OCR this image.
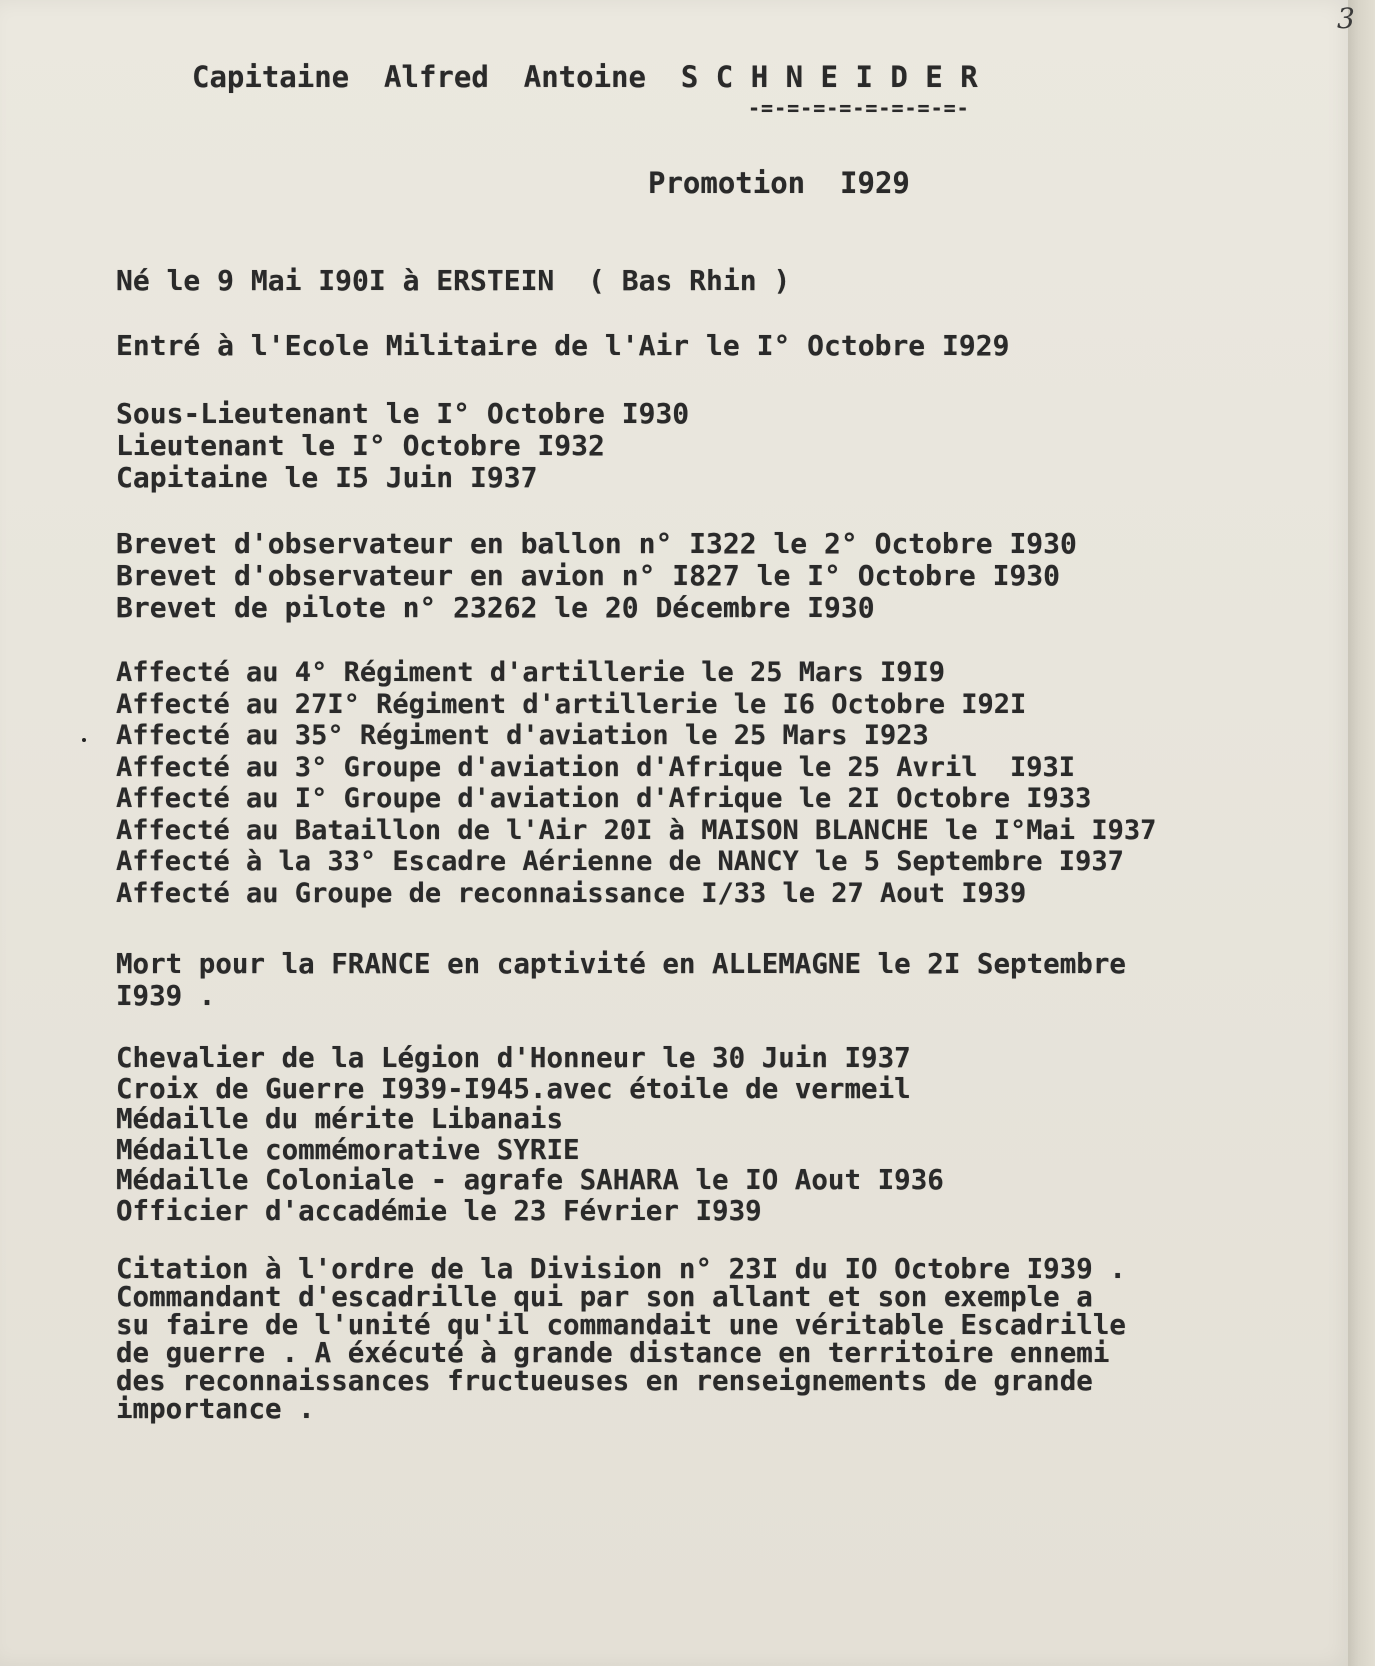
Capitaine  Alfred  Antoine  S C H N E I D E R
-=-=-=-=-=-=-=-=-
Promotion  I929
Né le 9 Mai I90I à ERSTEIN  ( Bas Rhin )
Entré à l'Ecole Militaire de l'Air le I° Octobre I929
Sous-Lieutenant le I° Octobre I930
Lieutenant le I° Octobre I932
Capitaine le I5 Juin I937
Brevet d'observateur en ballon n° I322 le 2° Octobre I930
Brevet d'observateur en avion n° I827 le I° Octobre I930
Brevet de pilote n° 23262 le 20 Décembre I930
Affecté au 4° Régiment d'artillerie le 25 Mars I9I9
Affecté au 27I° Régiment d'artillerie le I6 Octobre I92I
Affecté au 35° Régiment d'aviation le 25 Mars I923
Affecté au 3° Groupe d'aviation d'Afrique le 25 Avril  I93I
Affecté au I° Groupe d'aviation d'Afrique le 2I Octobre I933
Affecté au Bataillon de l'Air 20I à MAISON BLANCHE le I°Mai I937
Affecté à la 33° Escadre Aérienne de NANCY le 5 Septembre I937
Affecté au Groupe de reconnaissance I/33 le 27 Aout I939
Mort pour la FRANCE en captivité en ALLEMAGNE le 2I Septembre
I939 .
Chevalier de la Légion d'Honneur le 30 Juin I937
Croix de Guerre I939-I945.avec étoile de vermeil
Médaille du mérite Libanais
Médaille commémorative SYRIE
Médaille Coloniale - agrafe SAHARA le IO Aout I936
Officier d'accadémie le 23 Février I939
Citation à l'ordre de la Division n° 23I du IO Octobre I939 .
Commandant d'escadrille qui par son allant et son exemple a
su faire de l'unité qu'il commandait une véritable Escadrille
de guerre . A éxécuté à grande distance en territoire ennemi
des reconnaissances fructueuses en renseignements de grande
importance .
3
